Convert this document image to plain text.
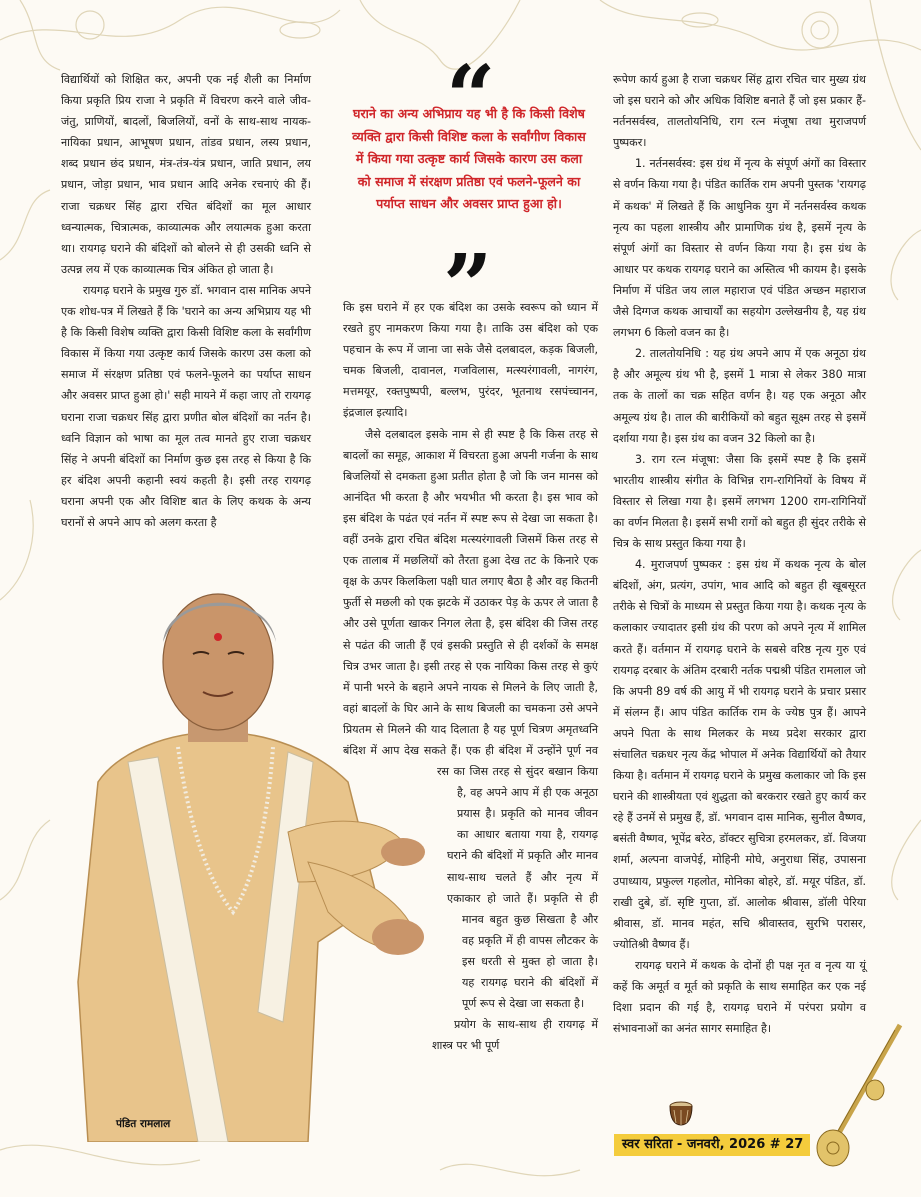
विद्यार्थियों को शिक्षित कर, अपनी एक नई शैली का निर्माण किया प्रकृति प्रिय राजा ने प्रकृति में विचरण करने वाले जीव-जंतु, प्राणियों, बादलों, बिजलियों, वनों के साथ-साथ नायक-नायिका प्रधान, आभूषण प्रधान, तांडव प्रधान, लस्य प्रधान, शब्द प्रधान छंद प्रधान, मंत्र-तंत्र-यंत्र प्रधान, जाति प्रधान, लय प्रधान, जोड़ा प्रधान, भाव प्रधान आदि अनेक रचनाएं की हैं। राजा चक्रधर सिंह द्वारा रचित बंदिशों का मूल आधार ध्वन्यात्मक, चित्रात्मक, काव्यात्मक और लयात्मक हुआ करता था। रायगढ़ घराने की बंदिशों को बोलने से ही उसकी ध्वनि से उत्पन्न लय में एक काव्यात्मक चित्र अंकित हो जाता है।

रायगढ़ घराने के प्रमुख गुरु डॉ. भगवान दास मानिक अपने एक शोध-पत्र में लिखते हैं कि 'घराने का अन्य अभिप्राय यह भी है कि किसी विशेष व्यक्ति द्वारा किसी विशिष्ट कला के सर्वांगीण विकास में किया गया उत्कृष्ट कार्य जिसके कारण उस कला को समाज में संरक्षण प्रतिष्ठा एवं फलने-फूलने का पर्याप्त साधन और अवसर प्राप्त हुआ हो।' सही मायने में कहा जाए तो रायगढ़ घराना राजा चक्रधर सिंह द्वारा प्रणीत बोल बंदिशों का नर्तन है। ध्वनि विज्ञान को भाषा का मूल तत्व मानते हुए राजा चक्रधर सिंह ने अपनी बंदिशों का निर्माण कुछ इस तरह से किया है कि हर बंदिश अपनी कहानी स्वयं कहती है। इसी तरह रायगढ़ घराना अपनी एक और विशिष्ट बात के लिए कथक के अन्य घरानों से अपने आप को अलग करता है

“
घराने का अन्य अभिप्राय यह भी है कि किसी विशेष व्यक्ति द्वारा किसी विशिष्ट कला के सर्वांगीण विकास में किया गया उत्कृष्ट कार्य जिसके कारण उस कला को समाज में संरक्षण प्रतिष्ठा एवं फलने-फूलने का पर्याप्त साधन और अवसर प्राप्त हुआ हो।
”

कि इस घराने में हर एक बंदिश का उसके स्वरूप को ध्यान में रखते हुए नामकरण किया गया है। ताकि उस बंदिश को एक पहचान के रूप में जाना जा सके जैसे दलबादल, कड़क बिजली, चमक बिजली, दावानल, गजविलास, मत्स्यरंगावली, नागरंग, मत्तमयूर, रक्तपुष्पपी, बल्लभ, पुरंदर, भूतनाथ रसपंच्चानन, इंद्रजाल इत्यादि।

जैसे दलबादल इसके नाम से ही स्पष्ट है कि किस तरह से बादलों का समूह, आकाश में विचरता हुआ अपनी गर्जना के साथ बिजलियों से दमकता हुआ प्रतीत होता है जो कि जन मानस को आनंदित भी करता है और भयभीत भी करता है। इस भाव को इस बंदिश के पढंत एवं नर्तन में स्पष्ट रूप से देखा जा सकता है। वहीं उनके द्वारा रचित बंदिश मत्स्यरंगावली जिसमें किस तरह से एक तालाब में मछलियों को तैरता हुआ देख तट के किनारे एक वृक्ष के ऊपर किलकिला पक्षी घात लगाए बैठा है और वह कितनी फुर्ती से मछली को एक झटके में उठाकर पेड़ के ऊपर ले जाता है और उसे पूर्णता खाकर निगल लेता है, इस बंदिश की जिस तरह से पढंत की जाती हैं एवं इसकी प्रस्तुति से ही दर्शकों के समक्ष चित्र उभर जाता है। इसी तरह से एक नायिका किस तरह से कुएं में पानी भरने के बहाने अपने नायक से मिलने के लिए जाती है, वहां बादलों के घिर आने के साथ बिजली का चमकना उसे अपने प्रियतम से मिलने की याद दिलाता है यह पूर्ण चित्रण अमृतध्वनि बंदिश में आप देख सकते हैं। एक ही बंदिश में उन्होंने पूर्ण नव रस का जिस तरह से सुंदर बखान किया है, वह अपने आप में ही एक अनूठा प्रयास है। प्रकृति को मानव जीवन का आधार बताया गया है, रायगढ़ घराने की बंदिशों में प्रकृति और मानव साथ-साथ चलते हैं और नृत्य में एकाकार हो जाते हैं। प्रकृति से ही मानव बहुत कुछ सिखता है और वह प्रकृति में ही वापस लौटकर के इस धरती से मुक्त हो जाता है। यह रायगढ़ घराने की बंदिशों में पूर्ण रूप से देखा जा सकता है।

प्रयोग के साथ-साथ ही रायगढ़ में शास्त्र पर भी पूर्ण

रूपेण कार्य हुआ है राजा चक्रधर सिंह द्वारा रचित चार मुख्य ग्रंथ जो इस घराने को और अधिक विशिष्ट बनाते हैं जो इस प्रकार हैं- नर्तनसर्वस्व, तालतोयनिधि, राग रत्न मंजूषा तथा मुराजपर्ण पुष्पकर।

1. नर्तनसर्वस्व: इस ग्रंथ में नृत्य के संपूर्ण अंगों का विस्तार से वर्णन किया गया है। पंडित कार्तिक राम अपनी पुस्तक 'रायगढ़ में कथक' में लिखते हैं कि आधुनिक युग में नर्तनसर्वस्व कथक नृत्य का पहला शास्त्रीय और प्रामाणिक ग्रंथ है, इसमें नृत्य के संपूर्ण अंगों का विस्तार से वर्णन किया गया है। इस ग्रंथ के आधार पर कथक रायगढ़ घराने का अस्तित्व भी कायम है। इसके निर्माण में पंडित जय लाल महाराज एवं पंडित अच्छन महाराज जैसे दिग्गज कथक आचार्यों का सहयोग उल्लेखनीय है, यह ग्रंथ लगभग 6 किलो वजन का है।

2. तालतोयनिधि : यह ग्रंथ अपने आप में एक अनूठा ग्रंथ है और अमूल्य ग्रंथ भी है, इसमें 1 मात्रा से लेकर 380 मात्रा तक के तालों का चक्र सहित वर्णन है। यह एक अनूठा और अमूल्य ग्रंथ है। ताल की बारीकियों को बहुत सूक्ष्म तरह से इसमें दर्शाया गया है। इस ग्रंथ का वजन 32 किलो का है।

3. राग रत्न मंजूषा: जैसा कि इसमें स्पष्ट है कि इसमें भारतीय शास्त्रीय संगीत के विभिन्न राग-रागिनियों के विषय में विस्तार से लिखा गया है। इसमें लगभग 1200 राग-रागिनियों का वर्णन मिलता है। इसमें सभी रागों को बहुत ही सुंदर तरीके से चित्र के साथ प्रस्तुत किया गया है।

4. मुराजपर्ण पुष्पकर : इस ग्रंथ में कथक नृत्य के बोल बंदिशों, अंग, प्रत्यंग, उपांग, भाव आदि को बहुत ही खूबसूरत तरीके से चित्रों के माध्यम से प्रस्तुत किया गया है। कथक नृत्य के कलाकार ज्यादातर इसी ग्रंथ की परण को अपने नृत्य में शामिल करते हैं। वर्तमान में रायगढ़ घराने के सबसे वरिष्ठ नृत्य गुरु एवं रायगढ़ दरबार के अंतिम दरबारी नर्तक पद्मश्री पंडित रामलाल जो कि अपनी 89 वर्ष की आयु में भी रायगढ़ घराने के प्रचार प्रसार में संलग्न हैं। आप पंडित कार्तिक राम के ज्येष्ठ पुत्र हैं। आपने अपने पिता के साथ मिलकर के मध्य प्रदेश सरकार द्वारा संचालित चक्रधर नृत्य केंद्र भोपाल में अनेक विद्यार्थियों को तैयार किया है। वर्तमान में रायगढ़ घराने के प्रमुख कलाकार जो कि इस घराने की शास्त्रीयता एवं शुद्धता को बरकरार रखते हुए कार्य कर रहे हैं उनमें से प्रमुख हैं, डॉ. भगवान दास मानिक, सुनील वैष्णव, बसंती वैष्णव, भूपेंद्र बरेठ, डॉक्टर सुचित्रा हरमलकर, डॉ. विजया शर्मा, अल्पना वाजपेई, मोहिनी मोघे, अनुराधा सिंह, उपासना उपाध्याय, प्रफुल्ल गहलोत, मोनिका बोहरे, डॉ. मयूर पंडित, डॉ. राखी दुबे, डॉ. सृष्टि गुप्ता, डॉ. आलोक श्रीवास, डॉली पेरिया श्रीवास, डॉ. मानव महंत, सचि श्रीवास्तव, सुरभि परासर, ज्योतिश्री वैष्णव हैं।

रायगढ़ घराने में कथक के दोनों ही पक्ष नृत व नृत्य या यूं कहें कि अमूर्त व मूर्त को प्रकृति के साथ समाहित कर एक नई दिशा प्रदान की गई है, रायगढ़ घराने में परंपरा प्रयोग व संभावनाओं का अनंत सागर समाहित है।

पंडित रामलाल
स्वर सरिता - जनवरी, 2026 # 27
